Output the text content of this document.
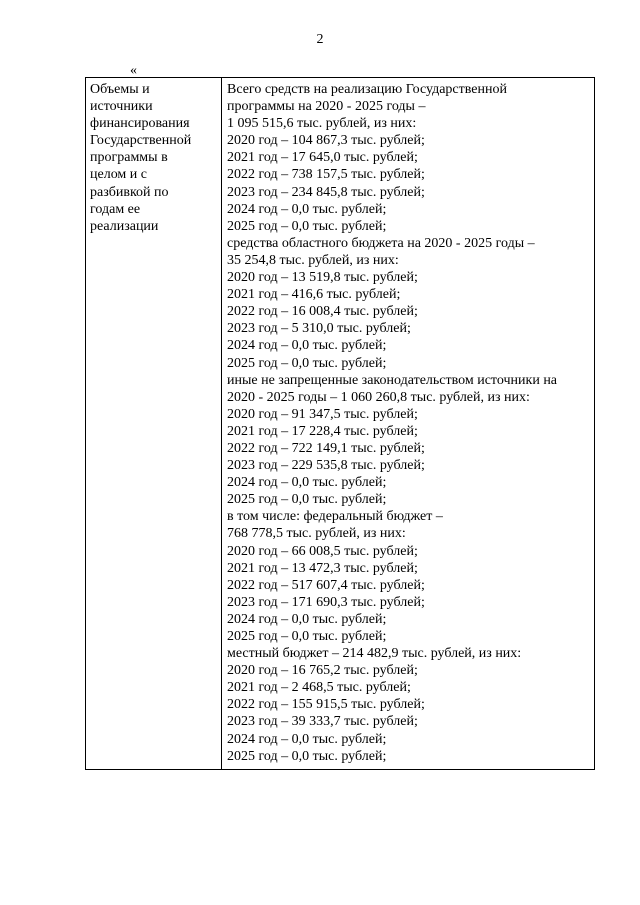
2
«
Объемы и
источники
финансирования
Государственной
программы в
целом и с
разбивкой по
годам ее
реализации
Всего средств на реализацию Государственной
программы на 2020 - 2025 годы –
1 095 515,6 тыс. рублей, из них:
2020 год – 104 867,3 тыс. рублей;
2021 год – 17 645,0 тыс. рублей;
2022 год – 738 157,5 тыс. рублей;
2023 год – 234 845,8 тыс. рублей;
2024 год – 0,0 тыс. рублей;
2025 год – 0,0 тыс. рублей;
средства областного бюджета на 2020 - 2025 годы –
35 254,8 тыс. рублей, из них:
2020 год – 13 519,8 тыс. рублей;
2021 год – 416,6 тыс. рублей;
2022 год – 16 008,4 тыс. рублей;
2023 год – 5 310,0 тыс. рублей;
2024 год – 0,0 тыс. рублей;
2025 год – 0,0 тыс. рублей;
иные не запрещенные законодательством источники на
2020 - 2025 годы – 1 060 260,8 тыс. рублей, из них:
2020 год – 91 347,5 тыс. рублей;
2021 год – 17 228,4 тыс. рублей;
2022 год – 722 149,1 тыс. рублей;
2023 год – 229 535,8 тыс. рублей;
2024 год – 0,0 тыс. рублей;
2025 год – 0,0 тыс. рублей;
в том числе: федеральный бюджет –
768 778,5 тыс. рублей, из них:
2020 год – 66 008,5 тыс. рублей;
2021 год – 13 472,3 тыс. рублей;
2022 год – 517 607,4 тыс. рублей;
2023 год – 171 690,3 тыс. рублей;
2024 год – 0,0 тыс. рублей;
2025 год – 0,0 тыс. рублей;
местный бюджет – 214 482,9 тыс. рублей, из них:
2020 год – 16 765,2 тыс. рублей;
2021 год – 2 468,5 тыс. рублей;
2022 год – 155 915,5 тыс. рублей;
2023 год – 39 333,7 тыс. рублей;
2024 год – 0,0 тыс. рублей;
2025 год – 0,0 тыс. рублей;
